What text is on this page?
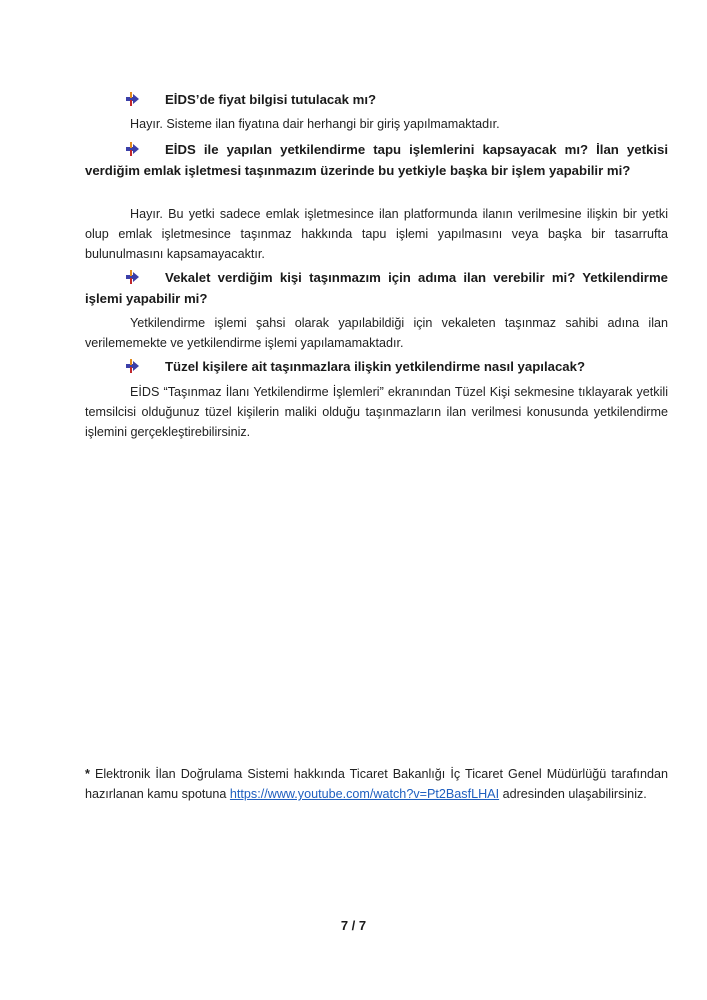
EİDS’de fiyat bilgisi tutulacak mı?
Hayır. Sisteme ilan fiyatına dair herhangi bir giriş yapılmamaktadır.
EİDS ile yapılan yetkilendirme tapu işlemlerini kapsayacak mı? İlan yetkisi verdiğim emlak işletmesi taşınmazım üzerinde bu yetkiyle başka bir işlem yapabilir mi?
Hayır. Bu yetki sadece emlak işletmesince ilan platformunda ilanın verilmesine ilişkin bir yetki olup emlak işletmesince taşınmaz hakkında tapu işlemi yapılmasını veya başka bir tasarrufta bulunulmasını kapsamayacaktır.
Vekalet verdiğim kişi taşınmazım için adıma ilan verebilir mi? Yetkilendirme işlemi yapabilir mi?
Yetkilendirme işlemi şahsi olarak yapılabildiği için vekaleten taşınmaz sahibi adına ilan verilememekte ve yetkilendirme işlemi yapılamamaktadır.
Tüzel kişilere ait taşınmazlara ilişkin yetkilendirme nasıl yapılacak?
EİDS “Taşınmaz İlanı Yetkilendirme İşlemleri” ekranından Tüzel Kişi sekmesine tıklayarak yetkili temsilcisi olduğunuz tüzel kişilerin maliki olduğu taşınmazların ilan verilmesi konusunda yetkilendirme işlemini gerçekleştirebilirsiniz.
* Elektronik İlan Doğrulama Sistemi hakkında Ticaret Bakanlığı İç Ticaret Genel Müdürlüğü tarafından hazırlanan kamu spotuna https://www.youtube.com/watch?v=Pt2BasfLHAI adresinden ulaşabilirsiniz.
7 / 7
